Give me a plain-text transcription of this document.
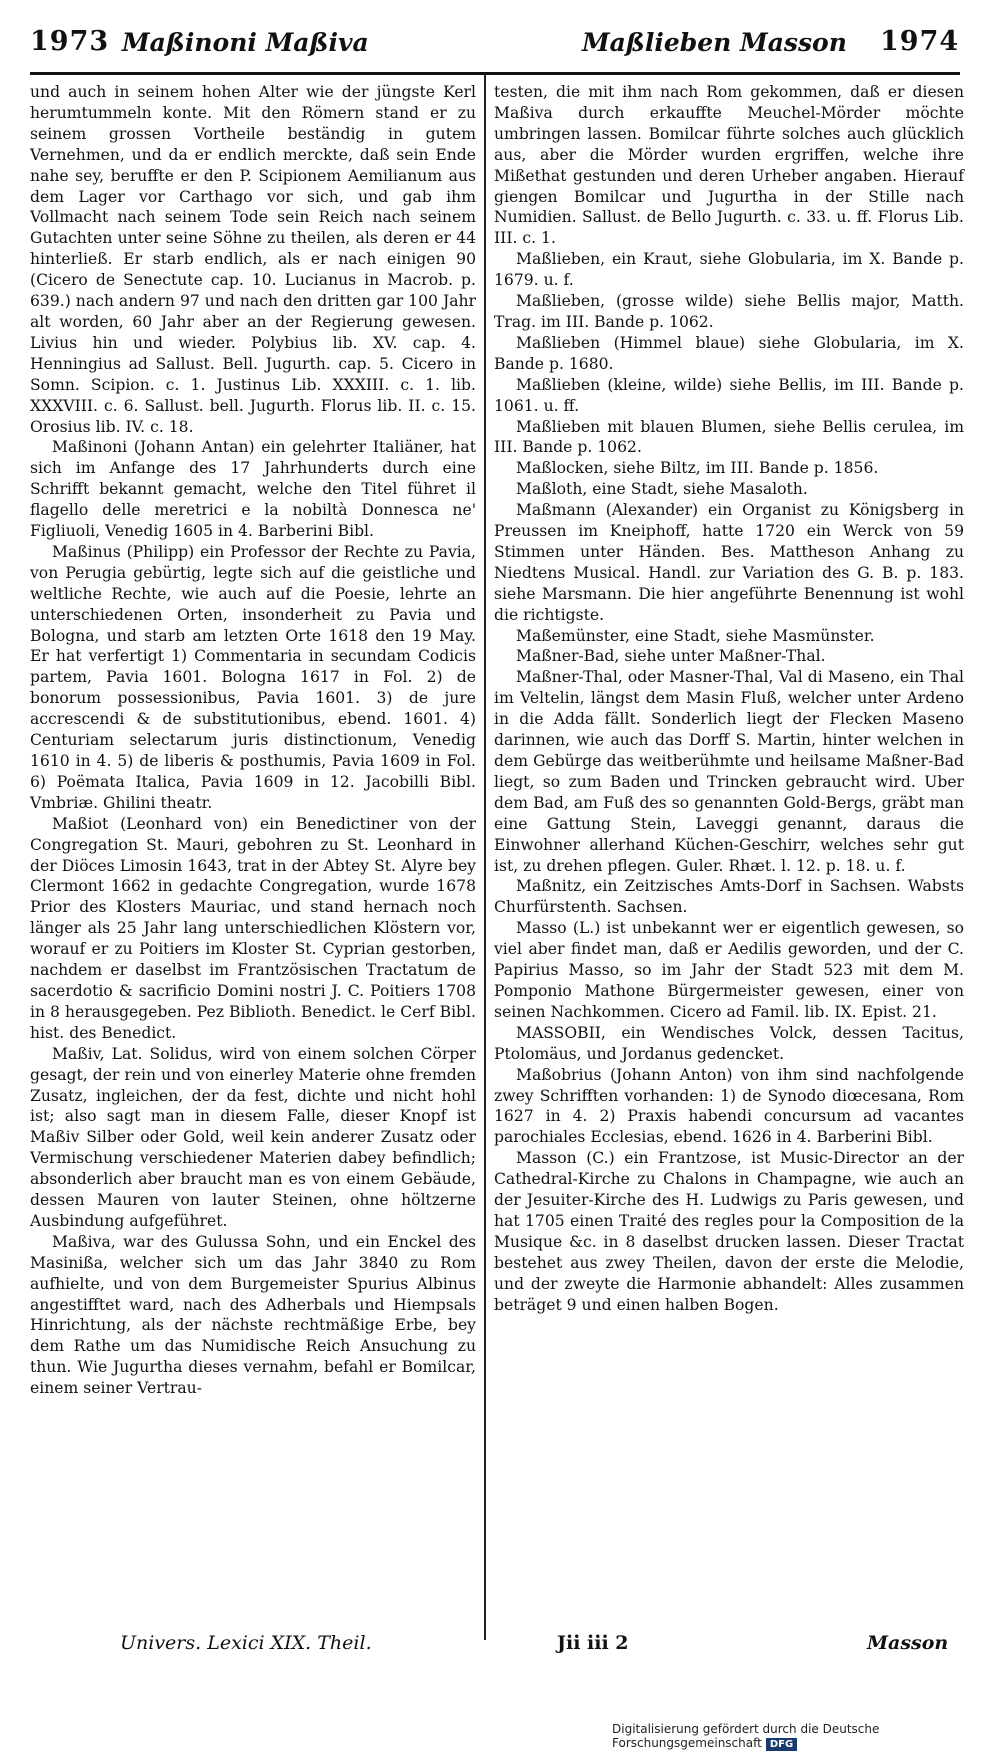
1973 Maßinoni Maßiva	Maßlieben Masson 1974

und auch in seinem hohen Alter wie der jüngste Kerl herumtummeln konte. Mit den Römern stand er zu seinem grossen Vortheile beständig in gutem Vernehmen, und da er endlich merckte, daß sein Ende nahe sey, beruffte er den P. Scipionem Aemilianum aus dem Lager vor Carthago vor sich, und gab ihm Vollmacht nach seinem Tode sein Reich nach seinem Gutachten unter seine Söhne zu theilen, als deren er 44 hinterließ. Er starb endlich, als er nach einigen 90 (Cicero de Senectute cap. 10. Lucianus in Macrob. p. 639.) nach andern 97 und nach den dritten gar 100 Jahr alt worden, 60 Jahr aber an der Regierung gewesen. Livius hin und wieder. Polybius lib. XV. cap. 4. Henningius ad Sallust. Bell. Jugurth. cap. 5. Cicero in Somn. Scipion. c. 1. Justinus Lib. XXXIII. c. 1. lib. XXXVIII. c. 6. Sallust. bell. Jugurth. Florus lib. II. c. 15. Orosius lib. IV. c. 18.

Maßinoni (Johann Antan) ein gelehrter Italiäner, hat sich im Anfange des 17 Jahrhunderts durch eine Schrifft bekannt gemacht, welche den Titel führet il flagello delle meretrici e la nobiltà Donnesca ne' Figliuoli, Venedig 1605 in 4. Barberini Bibl.

Maßinus (Philipp) ein Professor der Rechte zu Pavia, von Perugia gebürtig, legte sich auf die geistliche und weltliche Rechte, wie auch auf die Poesie, lehrte an unterschiedenen Orten, insonderheit zu Pavia und Bologna, und starb am letzten Orte 1618 den 19 May. Er hat verfertigt 1) Commentaria in secundam Codicis partem, Pavia 1601. Bologna 1617 in Fol. 2) de bonorum possessionibus, Pavia 1601. 3) de jure accrescendi & de substitutionibus, ebend. 1601. 4) Centuriam selectarum juris distinctionum, Venedig 1610 in 4. 5) de liberis & posthumis, Pavia 1609 in Fol. 6) Poëmata Italica, Pavia 1609 in 12. Jacobilli Bibl. Vmbriæ. Ghilini theatr.

Maßiot (Leonhard von) ein Benedictiner von der Congregation St. Mauri, gebohren zu St. Leonhard in der Diöces Limosin 1643, trat in der Abtey St. Alyre bey Clermont 1662 in gedachte Congregation, wurde 1678 Prior des Klosters Mauriac, und stand hernach noch länger als 25 Jahr lang unterschiedlichen Klöstern vor, worauf er zu Poitiers im Kloster St. Cyprian gestorben, nachdem er daselbst im Frantzösischen Tractatum de sacerdotio & sacrificio Domini nostri J. C. Poitiers 1708 in 8 herausgegeben. Pez Biblioth. Benedict. le Cerf Bibl. hist. des Benedict.

Maßiv, Lat. Solidus, wird von einem solchen Cörper gesagt, der rein und von einerley Materie ohne fremden Zusatz, ingleichen, der da fest, dichte und nicht hohl ist; also sagt man in diesem Falle, dieser Knopf ist Maßiv Silber oder Gold, weil kein anderer Zusatz oder Vermischung verschiedener Materien dabey befindlich; absonderlich aber braucht man es von einem Gebäude, dessen Mauren von lauter Steinen, ohne höltzerne Ausbindung aufgeführet.

Maßiva, war des Gulussa Sohn, und ein Enckel des Masinißa, welcher sich um das Jahr 3840 zu Rom aufhielte, und von dem Burgemeister Spurius Albinus angestifftet ward, nach des Adherbals und Hiempsals Hinrichtung, als der nächste rechtmäßige Erbe, bey dem Rathe um das Numidische Reich Ansuchung zu thun. Wie Jugurtha dieses vernahm, befahl er Bomilcar, einem seiner Vertrau-

testen, die mit ihm nach Rom gekommen, daß er diesen Maßiva durch erkauffte Meuchel-Mörder möchte umbringen lassen. Bomilcar führte solches auch glücklich aus, aber die Mörder wurden ergriffen, welche ihre Mißethat gestunden und deren Urheber angaben. Hierauf giengen Bomilcar und Jugurtha in der Stille nach Numidien. Sallust. de Bello Jugurth. c. 33. u. ff. Florus Lib. III. c. 1.

Maßlieben, ein Kraut, siehe Globularia, im X. Bande p. 1679. u. f.

Maßlieben, (grosse wilde) siehe Bellis major, Matth. Trag. im III. Bande p. 1062.

Maßlieben (Himmel blaue) siehe Globularia, im X. Bande p. 1680.

Maßlieben (kleine, wilde) siehe Bellis, im III. Bande p. 1061. u. ff.

Maßlieben mit blauen Blumen, siehe Bellis cerulea, im III. Bande p. 1062.

Maßlocken, siehe Biltz, im III. Bande p. 1856.

Maßloth, eine Stadt, siehe Masaloth.

Maßmann (Alexander) ein Organist zu Königsberg in Preussen im Kneiphoff, hatte 1720 ein Werck von 59 Stimmen unter Händen. Bes. Mattheson Anhang zu Niedtens Musical. Handl. zur Variation des G. B. p. 183. siehe Marsmann. Die hier angeführte Benennung ist wohl die richtigste.

Maßemünster, eine Stadt, siehe Masmünster.

Maßner-Bad, siehe unter Maßner-Thal.

Maßner-Thal, oder Masner-Thal, Val di Maseno, ein Thal im Veltelin, längst dem Masin Fluß, welcher unter Ardeno in die Adda fällt. Sonderlich liegt der Flecken Maseno darinnen, wie auch das Dorff S. Martin, hinter welchen in dem Gebürge das weitberühmte und heilsame Maßner-Bad liegt, so zum Baden und Trincken gebraucht wird. Uber dem Bad, am Fuß des so genannten Gold-Bergs, gräbt man eine Gattung Stein, Laveggi genannt, daraus die Einwohner allerhand Küchen-Geschirr, welches sehr gut ist, zu drehen pflegen. Guler. Rhæt. l. 12. p. 18. u. f.

Maßnitz, ein Zeitzisches Amts-Dorf in Sachsen. Wabsts Churfürstenth. Sachsen.

Masso (L.) ist unbekannt wer er eigentlich gewesen, so viel aber findet man, daß er Aedilis geworden, und der C. Papirius Masso, so im Jahr der Stadt 523 mit dem M. Pomponio Mathone Bürgermeister gewesen, einer von seinen Nachkommen. Cicero ad Famil. lib. IX. Epist. 21.

MASSOBII, ein Wendisches Volck, dessen Tacitus, Ptolomäus, und Jordanus gedencket.

Maßobrius (Johann Anton) von ihm sind nachfolgende zwey Schrifften vorhanden: 1) de Synodo diœcesana, Rom 1627 in 4. 2) Praxis habendi concursum ad vacantes parochiales Ecclesias, ebend. 1626 in 4. Barberini Bibl.

Masson (C.) ein Frantzose, ist Music-Director an der Cathedral-Kirche zu Chalons in Champagne, wie auch an der Jesuiter-Kirche des H. Ludwigs zu Paris gewesen, und hat 1705 einen Traité des regles pour la Composition de la Musique &c. in 8 daselbst drucken lassen. Dieser Tractat bestehet aus zwey Theilen, davon der erste die Melodie, und der zweyte die Harmonie abhandelt: Alles zusammen beträget 9 und einen halben Bogen.

Univers. Lexici XIX. Theil.	Jii iii 2	Masson
Digitalisierung gefördert durch die Deutsche Forschungsgemeinschaft DFG
